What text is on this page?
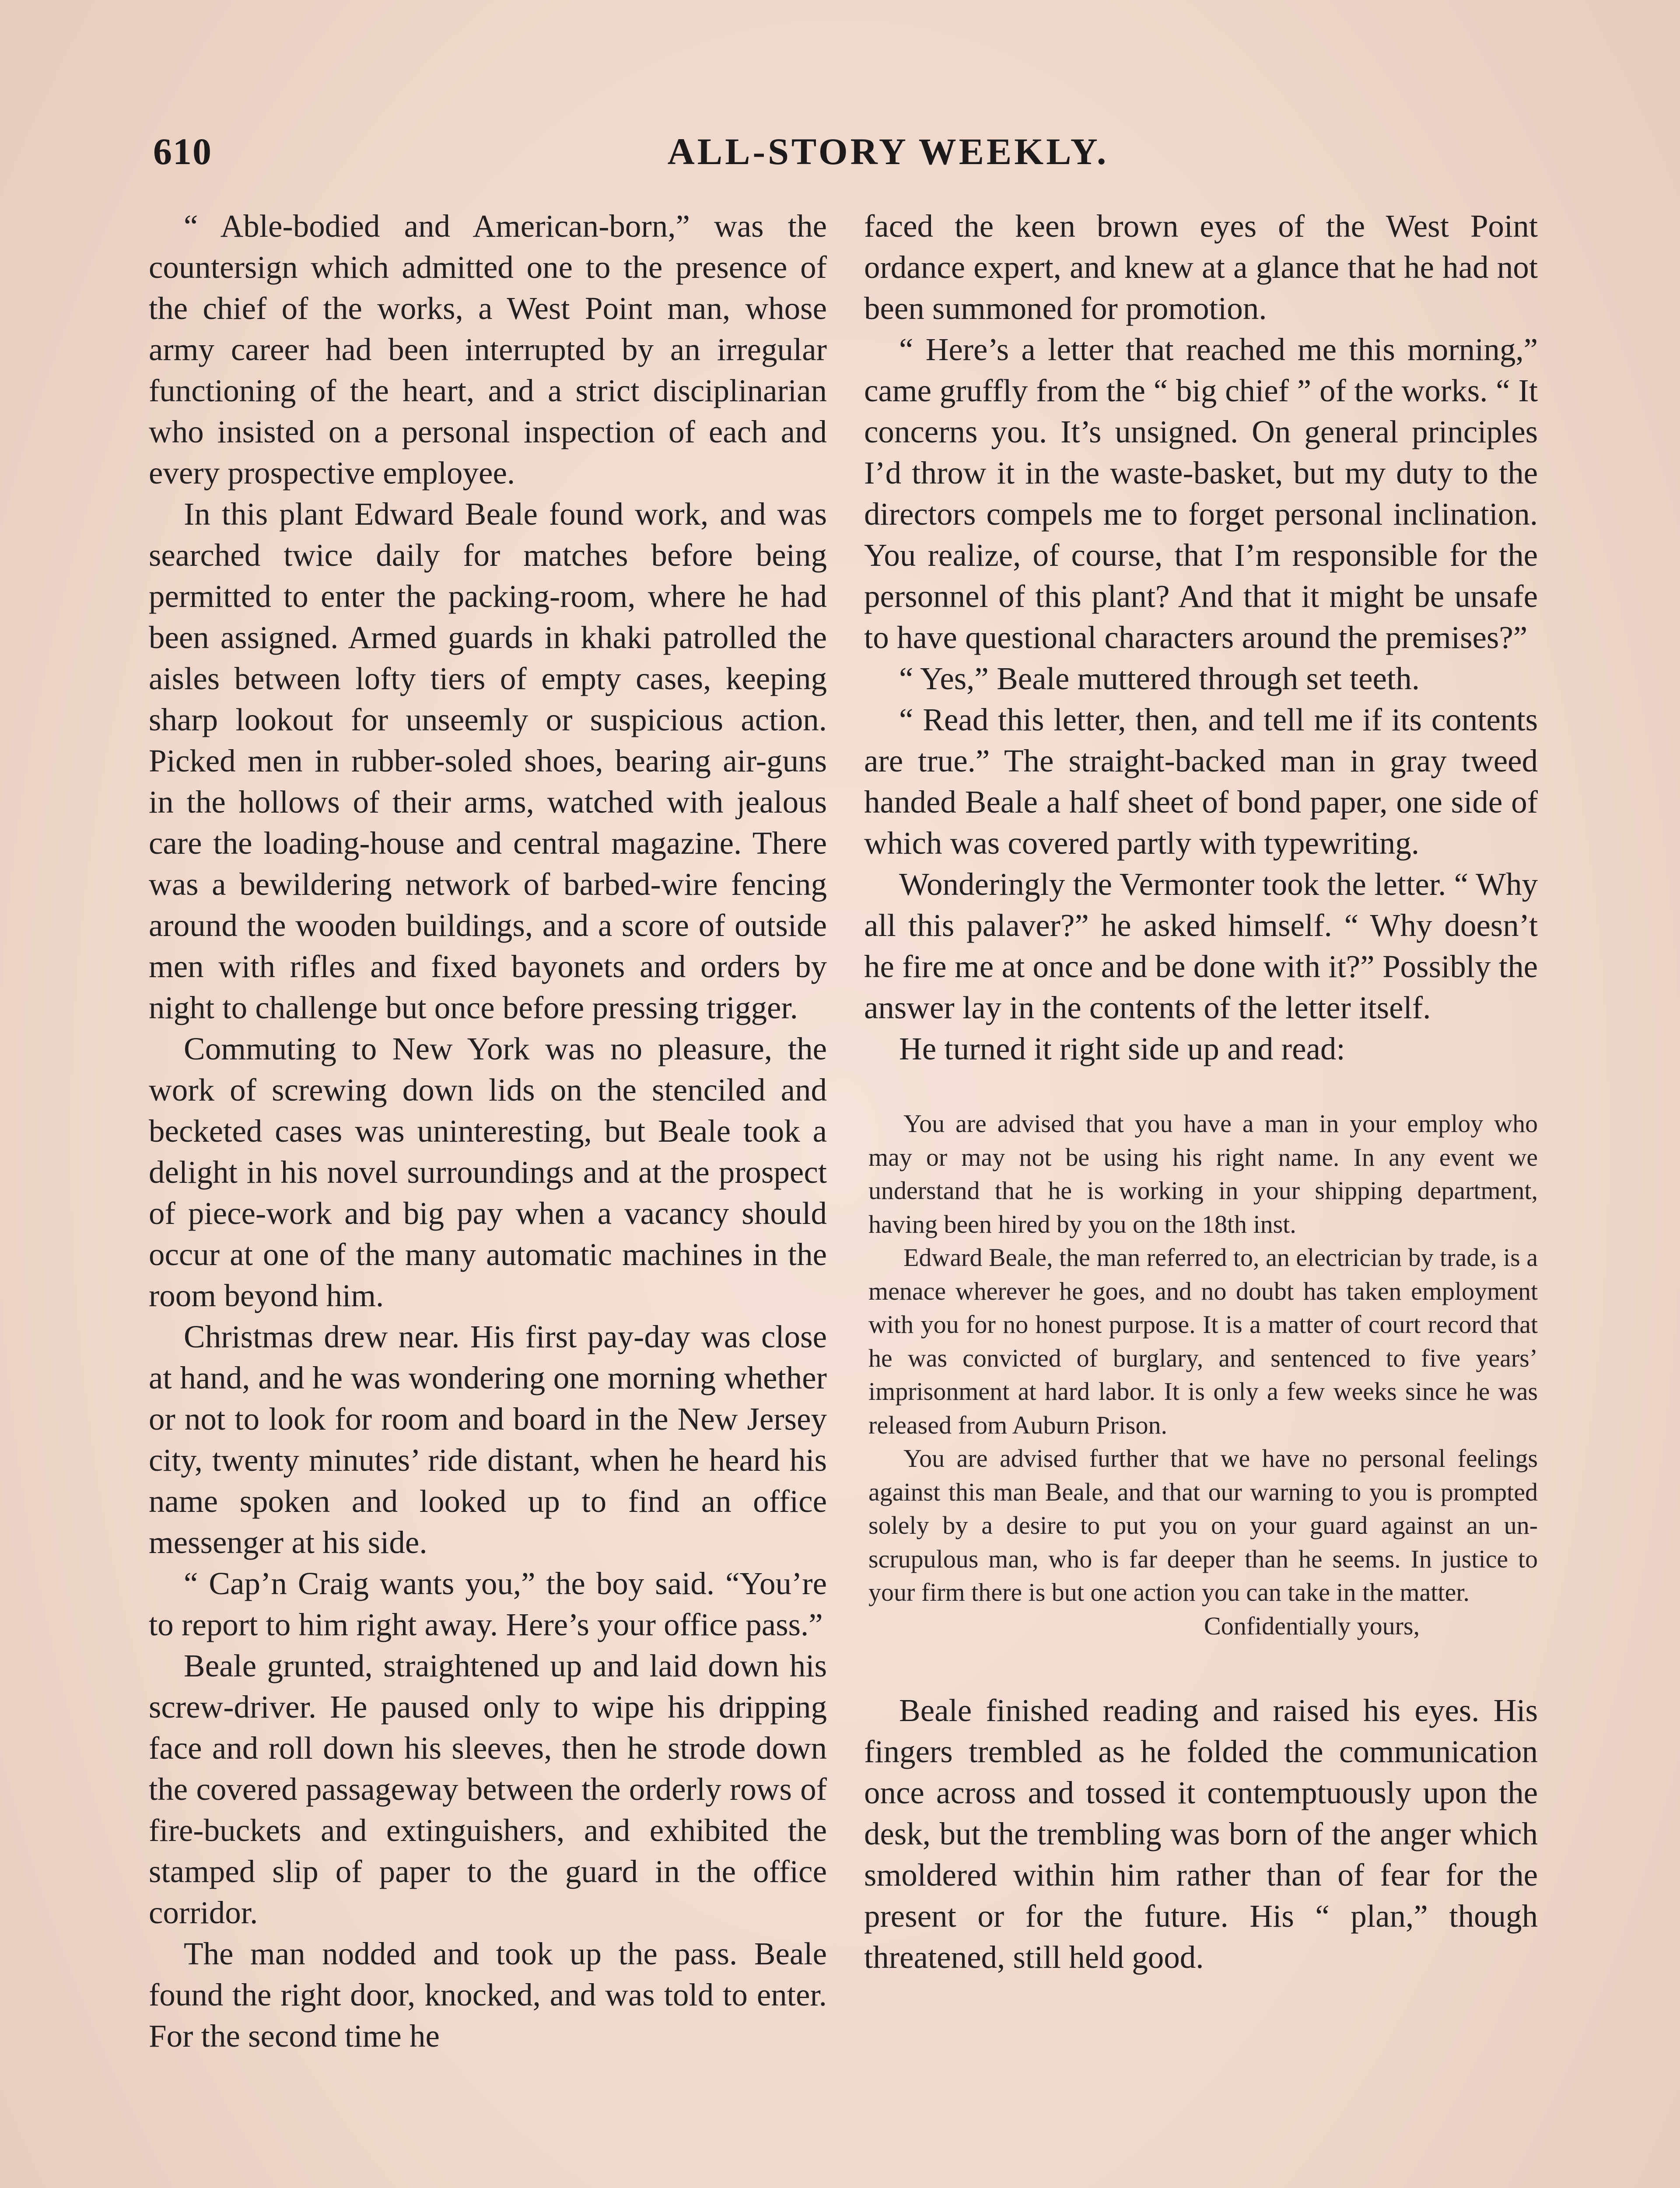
610	ALL-STORY WEEKLY.

“ Able-bodied and American-born,” was the countersign which admitted one to the presence of the chief of the works, a West Point man, whose army career had been interrupted by an irregular functioning of the heart, and a strict disciplinarian who insisted on a personal inspection of each and every prospective employee.

In this plant Edward Beale found work, and was searched twice daily for matches before being permitted to enter the packing-room, where he had been assigned. Armed guards in khaki patrolled the aisles between lofty tiers of empty cases, keeping sharp lookout for unseemly or suspicious action. Picked men in rubber-soled shoes, bearing air-guns in the hollows of their arms, watched with jealous care the loading-house and central magazine. There was a bewildering network of barbed-wire fencing around the wooden buildings, and a score of outside men with rifles and fixed bayonets and orders by night to challenge but once before pressing trigger.

Commuting to New York was no pleasure, the work of screwing down lids on the stenciled and becketed cases was uninteresting, but Beale took a delight in his novel surroundings and at the prospect of piece-work and big pay when a vacancy should occur at one of the many automatic machines in the room beyond him.

Christmas drew near. His first pay-day was close at hand, and he was wondering one morning whether or not to look for room and board in the New Jersey city, twenty minutes’ ride distant, when he heard his name spoken and looked up to find an office messenger at his side.

“ Cap’n Craig wants you,” the boy said. “You’re to report to him right away. Here’s your office pass.”

Beale grunted, straightened up and laid down his screw-driver. He paused only to wipe his dripping face and roll down his sleeves, then he strode down the covered passageway between the orderly rows of fire-buckets and extinguishers, and exhibited the stamped slip of paper to the guard in the office corridor.

The man nodded and took up the pass. Beale found the right door, knocked, and was told to enter. For the second time he

faced the keen brown eyes of the West Point ordance expert, and knew at a glance that he had not been summoned for promotion.

“ Here’s a letter that reached me this morning,” came gruffly from the “ big chief ” of the works. “ It concerns you. It’s unsigned. On general principles I’d throw it in the waste-basket, but my duty to the directors compels me to forget personal inclination. You realize, of course, that I’m responsible for the personnel of this plant? And that it might be unsafe to have questional characters around the premises?”

“ Yes,” Beale muttered through set teeth.

“ Read this letter, then, and tell me if its contents are true.” The straight-backed man in gray tweed handed Beale a half sheet of bond paper, one side of which was covered partly with typewriting.

Wonderingly the Vermonter took the letter. “ Why all this palaver?” he asked himself. “ Why doesn’t he fire me at once and be done with it?” Possibly the answer lay in the contents of the letter itself.

He turned it right side up and read:

You are advised that you have a man in your employ who may or may not be using his right name. In any event we understand that he is working in your shipping department, having been hired by you on the 18th inst.

Edward Beale, the man referred to, an electrician by trade, is a menace wherever he goes, and no doubt has taken employment with you for no honest purpose. It is a matter of court record that he was convicted of burglary, and sentenced to five years’ imprisonment at hard labor. It is only a few weeks since he was released from Auburn Prison.

You are advised further that we have no personal feelings against this man Beale, and that our warning to you is prompted solely by a desire to put you on your guard against an unscrupulous man, who is far deeper than he seems. In justice to your firm there is but one action you can take in the matter.

Confidentially yours,

Beale finished reading and raised his eyes. His fingers trembled as he folded the communication once across and tossed it contemptuously upon the desk, but the trembling was born of the anger which smoldered within him rather than of fear for the present or for the future. His “ plan,” though threatened, still held good.
